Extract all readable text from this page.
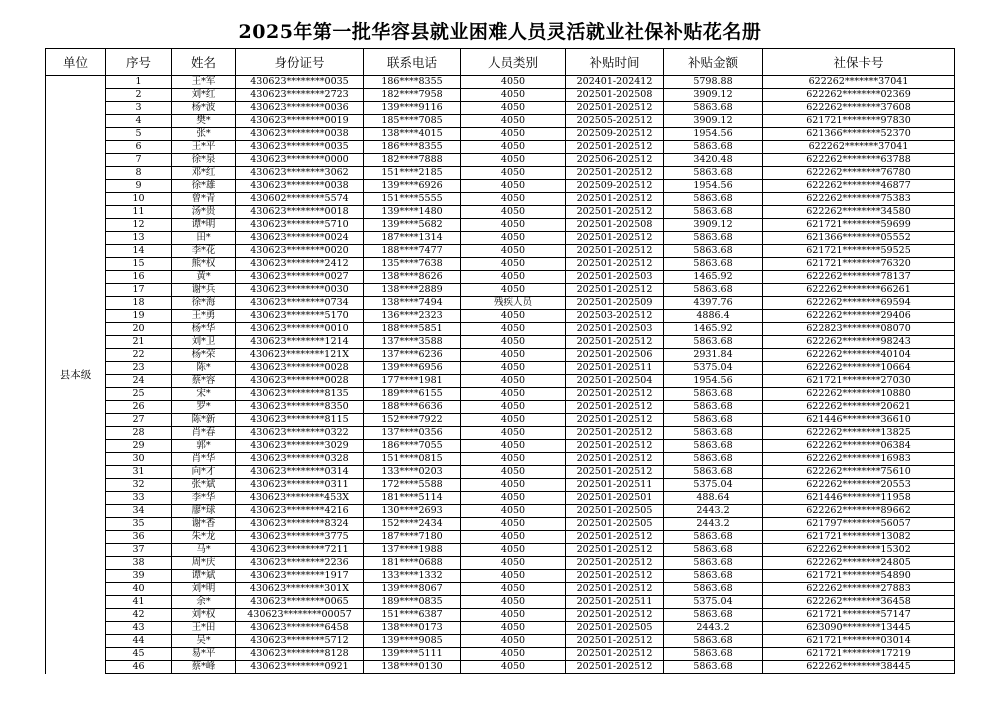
2025年第一批华容县就业困难人员灵活就业社保补贴花名册
单位	序号	姓名	身份证号	联系电话	人员类别	补贴时间	补贴金额	社保卡号
县本级	1	王*军	430623********0035	186****8355	4050	202401-202412	5798.88	622262*******37041
	2	刘*红	430623********2723	182****7958	4050	202501-202508	3909.12	622262********02369
	3	杨*波	430623********0036	139****9116	4050	202501-202512	5863.68	622262********37608
	4	樊*	430623********0019	185****7085	4050	202505-202512	3909.12	621721********97830
	5	张*	430623********0038	138****4015	4050	202509-202512	1954.56	621366********52370
	6	王*平	430623********0035	186****8355	4050	202501-202512	5863.68	622262*******37041
	7	徐*泉	430623********0000	182****7888	4050	202506-202512	3420.48	622262********63788
	8	邓*红	430623********3062	151****2185	4050	202501-202512	5863.68	622262********76780
	9	徐*雄	430623********0038	139****6926	4050	202509-202512	1954.56	622262********46877
	10	曾*青	430602********5574	151****5555	4050	202501-202512	5863.68	622262********75383
	11	汤*贵	430623********0018	139****1480	4050	202501-202512	5863.68	622262********34580
	12	谭*明	430623********5710	139****5682	4050	202501-202508	3909.12	621721********59699
	13	田*	430623********0024	187****1314	4050	202501-202512	5863.68	621366********05552
	14	李*花	430623********0020	188****7477	4050	202501-202512	5863.68	621721********59525
	15	熊*权	430623********2412	135****7638	4050	202501-202512	5863.68	621721********76320
	16	黄*	430623********0027	138****8626	4050	202501-202503	1465.92	622262********78137
	17	谢*兵	430623********0030	138****2889	4050	202501-202512	5863.68	622262********66261
	18	徐*海	430623********0734	138****7494	残疾人员	202501-202509	4397.76	622262********69594
	19	王*勇	430623********5170	136****2323	4050	202503-202512	4886.4	622262********29406
	20	杨*华	430623********0010	188****5851	4050	202501-202503	1465.92	622823********08070
	21	刘*卫	430623********1214	137****3588	4050	202501-202512	5863.68	622262********98243
	22	杨*荣	430623********121X	137****6236	4050	202501-202506	2931.84	622262********40104
	23	陈*	430623********0028	139****6956	4050	202501-202511	5375.04	622262********10664
	24	蔡*容	430623********0028	177****1981	4050	202501-202504	1954.56	621721********27030
	25	宋*	430623********8135	189****6155	4050	202501-202512	5863.68	622262********10880
	26	罗*	430623********8350	188****6636	4050	202501-202512	5863.68	622262********20621
	27	陈*新	430623********8115	152****7922	4050	202501-202512	5863.68	621446********36610
	28	肖*春	430623********0322	137****0356	4050	202501-202512	5863.68	622262********13825
	29	郭*	430623********3029	186****7055	4050	202501-202512	5863.68	622262********06384
	30	肖*华	430623********0328	151****0815	4050	202501-202512	5863.68	622262********16983
	31	向*才	430623********0314	133****0203	4050	202501-202512	5863.68	622262********75610
	32	张*斌	430623********0311	172****5588	4050	202501-202511	5375.04	622262********20553
	33	李*华	430623********453X	181****5114	4050	202501-202501	488.64	621446********11958
	34	廖*球	430623********4216	130****2693	4050	202501-202505	2443.2	622262********89662
	35	谢*香	430623********8324	152****2434	4050	202501-202505	2443.2	621797********56057
	36	朱*龙	430623********3775	187****7180	4050	202501-202512	5863.68	621721********13082
	37	马*	430623********7211	137****1988	4050	202501-202512	5863.68	622262********15302
	38	周*庆	430623********2236	181****0688	4050	202501-202512	5863.68	622262********24805
	39	谭*斌	430623********1917	133****1332	4050	202501-202512	5863.68	621721********54890
	40	刘*明	430623********301X	139****8067	4050	202501-202512	5863.68	622262********27883
	41	余*	430623********0065	189****0835	4050	202501-202511	5375.04	622262********36458
	42	刘*权	430623********00057	151****6387	4050	202501-202512	5863.68	621721********57147
	43	王*田	430623********6458	138****0173	4050	202501-202505	2443.2	623090********13445
	44	吴*	430623********5712	139****9085	4050	202501-202512	5863.68	621721********03014
	45	易*平	430623********8128	139****5111	4050	202501-202512	5863.68	621721********17219
	46	蔡*峰	430623********0921	138****0130	4050	202501-202512	5863.68	622262********38445
